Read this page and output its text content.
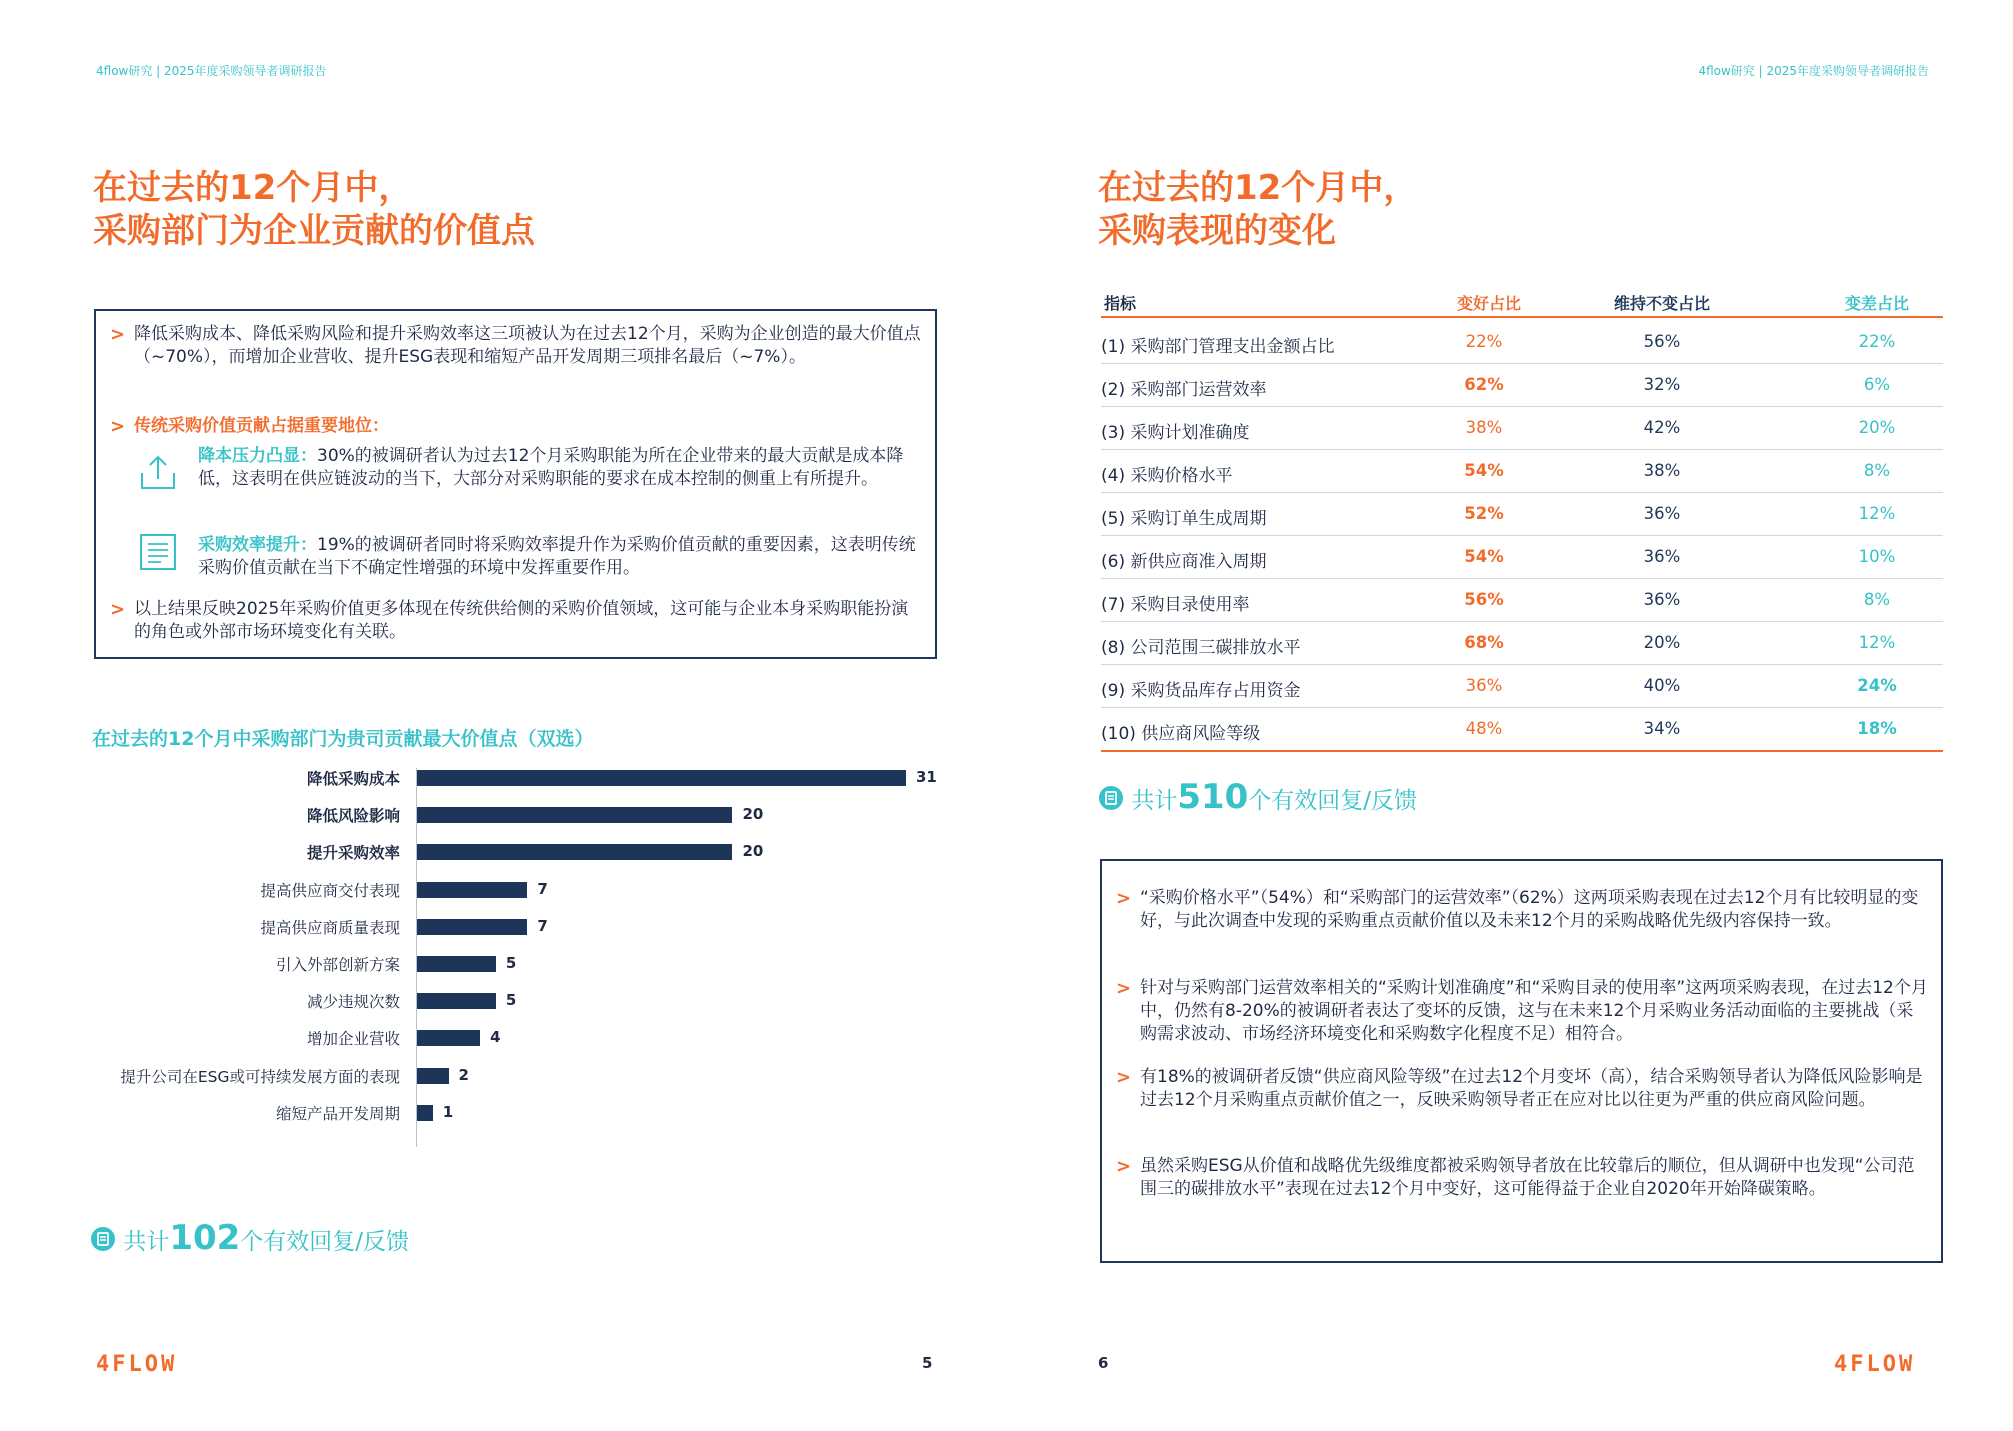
4flow研究 | 2025年度采购领导者调研报告	4flow研究 | 2025年度采购领导者调研报告
在过去的12个月中，
采购部门为企业贡献的价值点
> 降低采购成本、降低采购风险和提升采购效率这三项被认为在过去12个月，采购为企业创造的最大价值点（~70%），而增加企业营收、提升ESG表现和缩短产品开发周期三项排名最后（~7%）。
> 传统采购价值贡献占据重要地位：
降本压力凸显：30%的被调研者认为过去12个月采购职能为所在企业带来的最大贡献是成本降低，这表明在供应链波动的当下，大部分对采购职能的要求在成本控制的侧重上有所提升。
采购效率提升：19%的被调研者同时将采购效率提升作为采购价值贡献的重要因素，这表明传统采购价值贡献在当下不确定性增强的环境中发挥重要作用。
> 以上结果反映2025年采购价值更多体现在传统供给侧的采购价值领域，这可能与企业本身采购职能扮演的角色或外部市场环境变化有关联。
在过去的12个月中采购部门为贵司贡献最大价值点（双选）
降低采购成本
降低风险影响
提升采购效率
提高供应商交付表现
提高供应商质量表现
引入外部创新方案
减少违规次数
增加企业营收
提升公司在ESG或可持续发展方面的表现
缩短产品开发周期
31
20
20
7
7
5
5
4
2
1
共计102个有效回复/反馈
4FLOW	5
在过去的12个月中，
采购表现的变化
指标	变好占比	维持不变占比	变差占比
(1) 采购部门管理支出金额占比	22%	56%	22%
(2) 采购部门运营效率	62%	32%	6%
(3) 采购计划准确度	38%	42%	20%
(4) 采购价格水平	54%	38%	8%
(5) 采购订单生成周期	52%	36%	12%
(6) 新供应商准入周期	54%	36%	10%
(7) 采购目录使用率	56%	36%	8%
(8) 公司范围三碳排放水平	68%	20%	12%
(9) 采购货品库存占用资金	36%	40%	24%
(10) 供应商风险等级	48%	34%	18%
共计510个有效回复/反馈
> “采购价格水平”（54%）和“采购部门的运营效率”（62%）这两项采购表现在过去12个月有比较明显的变好，与此次调查中发现的采购重点贡献价值以及未来12个月的采购战略优先级内容保持一致。
> 针对与采购部门运营效率相关的“采购计划准确度”和“采购目录的使用率”这两项采购表现，在过去12个月中，仍然有8-20%的被调研者表达了变坏的反馈，这与在未来12个月采购业务活动面临的主要挑战（采购需求波动、市场经济环境变化和采购数字化程度不足）相符合。
> 有18%的被调研者反馈“供应商风险等级”在过去12个月变坏（高），结合采购领导者认为降低风险影响是过去12个月采购重点贡献价值之一，反映采购领导者正在应对比以往更为严重的供应商风险问题。
> 虽然采购ESG从价值和战略优先级维度都被采购领导者放在比较靠后的顺位，但从调研中也发现“公司范围三的碳排放水平”表现在过去12个月中变好，这可能得益于企业自2020年开始降碳策略。
6	4FLOW
